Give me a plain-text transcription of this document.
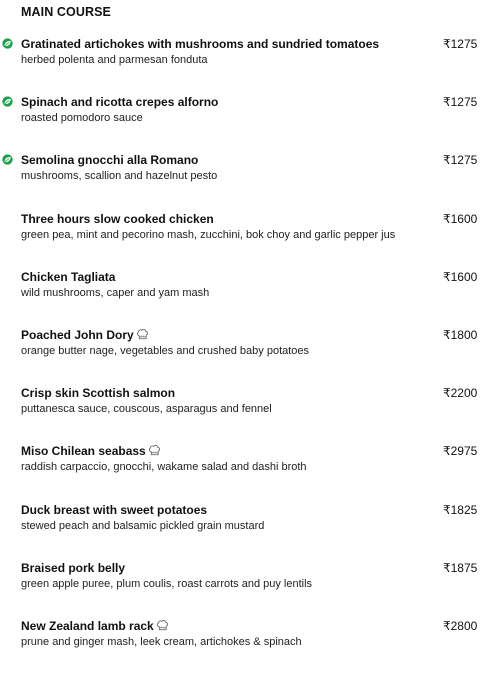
MAIN COURSE
Gratinated artichokes with mushrooms and sundried tomatoes
herbed polenta and parmesan fonduta
₹1275
Spinach and ricotta crepes alforno
roasted pomodoro sauce
₹1275
Semolina gnocchi alla Romano
mushrooms, scallion and hazelnut pesto
₹1275
Three hours slow cooked chicken
green pea, mint and pecorino mash, zucchini, bok choy and garlic pepper jus
₹1600
Chicken Tagliata
wild mushrooms, caper and yam mash
₹1600
Poached John Dory
orange butter nage, vegetables and crushed baby potatoes
₹1800
Crisp skin Scottish salmon
puttanesca sauce, couscous, asparagus and fennel
₹2200
Miso Chilean seabass
raddish carpaccio, gnocchi, wakame salad and dashi broth
₹2975
Duck breast with sweet potatoes
stewed peach and balsamic pickled grain mustard
₹1825
Braised pork belly
green apple puree, plum coulis, roast carrots and puy lentils
₹1875
New Zealand lamb rack
prune and ginger mash, leek cream, artichokes & spinach
₹2800
